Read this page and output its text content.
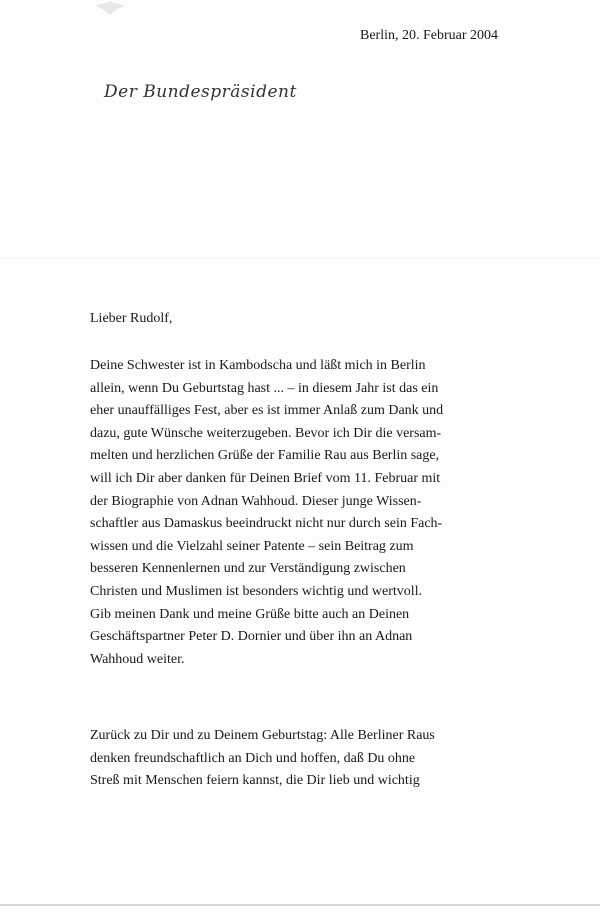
Berlin, 20. Februar 2004
Der Bundespräsident
Lieber Rudolf,
Deine Schwester ist in Kambodscha und läßt mich in Berlin
allein, wenn Du Geburtstag hast ... – in diesem Jahr ist das ein
eher unauffälliges Fest, aber es ist immer Anlaß zum Dank und
dazu, gute Wünsche weiterzugeben. Bevor ich Dir die versam-
melten und herzlichen Grüße der Familie Rau aus Berlin sage,
will ich Dir aber danken für Deinen Brief vom 11. Februar mit
der Biographie von Adnan Wahhoud. Dieser junge Wissen-
schaftler aus Damaskus beeindruckt nicht nur durch sein Fach-
wissen und die Vielzahl seiner Patente – sein Beitrag zum
besseren Kennenlernen und zur Verständigung zwischen
Christen und Muslimen ist besonders wichtig und wertvoll.
Gib meinen Dank und meine Grüße bitte auch an Deinen
Geschäftspartner Peter D. Dornier und über ihn an Adnan
Wahhoud weiter.
Zurück zu Dir und zu Deinem Geburtstag: Alle Berliner Raus
denken freundschaftlich an Dich und hoffen, daß Du ohne
Streß mit Menschen feiern kannst, die Dir lieb und wichtig
